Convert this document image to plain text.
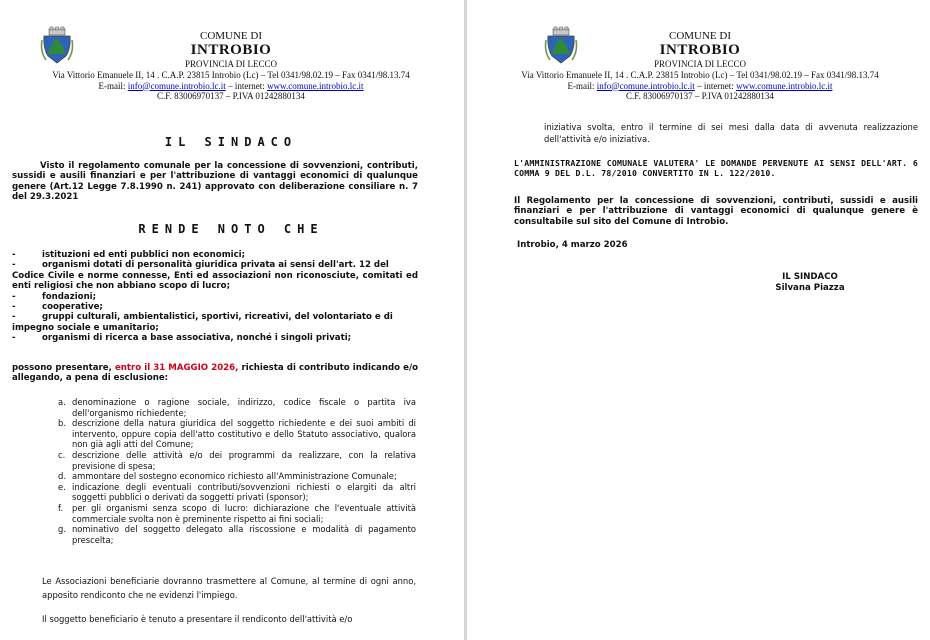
COMUNE DI
INTROBIO
PROVINCIA DI LECCO
Via Vittorio Emanuele II, 14 . C.A.P. 23815 Introbio (Lc) – Tel 0341/98.02.19 – Fax 0341/98.13.74
E-mail: info@comune.introbio.lc.it – internet: www.comune.introbio.lc.it
C.F. 83006970137 – P.IVA 01242880134
IL SINDACO
Visto il regolamento comunale per la concessione di sovvenzioni, contributi, sussidi e ausili finanziari e per l'attribuzione di vantaggi economici di qualunque genere (Art.12 Legge 7.8.1990 n. 241) approvato con deliberazione consiliare n. 7 del 29.3.2021
RENDE NOTO CHE
- istituzioni ed enti pubblici non economici;
- organismi dotati di personalità giuridica privata ai sensi dell'art. 12 del
Codice Civile e norme connesse, Enti ed associazioni non riconosciute, comitati ed enti religiosi che non abbiano scopo di lucro;
- fondazioni;
- cooperative;
- gruppi culturali, ambientalistici, sportivi, ricreativi, del volontariato e di
impegno sociale e umanitario;
- organismi di ricerca a base associativa, nonché i singoli privati;
possono presentare, entro il 31 MAGGIO 2026, richiesta di contributo indicando e/o allegando, a pena di esclusione:
a. denominazione o ragione sociale, indirizzo, codice fiscale o partita iva dell'organismo richiedente;
b. descrizione della natura giuridica del soggetto richiedente e dei suoi ambiti di intervento, oppure copia dell'atto costitutivo e dello Statuto associativo, qualora non già agli atti del Comune;
c. descrizione delle attività e/o dei programmi da realizzare, con la relativa previsione di spesa;
d. ammontare del sostegno economico richiesto all'Amministrazione Comunale;
e. indicazione degli eventuali contributi/sovvenzioni richiesti o elargiti da altri soggetti pubblici o derivati da soggetti privati (sponsor);
f. per gli organismi senza scopo di lucro: dichiarazione che l'eventuale attività commerciale svolta non è preminente rispetto ai fini sociali;
g. nominativo del soggetto delegato alla riscossione e modalità di pagamento prescelta;
Le Associazioni beneficiarie dovranno trasmettere al Comune, al termine di ogni anno, apposito rendiconto che ne evidenzi l'impiego.
Il soggetto beneficiario è tenuto a presentare il rendiconto dell'attività e/o
COMUNE DI
INTROBIO
PROVINCIA DI LECCO
Via Vittorio Emanuele II, 14 . C.A.P. 23815 Introbio (Lc) – Tel 0341/98.02.19 – Fax 0341/98.13.74
E-mail: info@comune.introbio.lc.it – internet: www.comune.introbio.lc.it
C.F. 83006970137 – P.IVA 01242880134
iniziativa svolta, entro il termine di sei mesi dalla data di avvenuta realizzazione dell'attività e/o iniziativa.
L'AMMINISTRAZIONE COMUNALE VALUTERA' LE DOMANDE PERVENUTE AI SENSI DELL'ART. 6 COMMA 9 DEL D.L. 78/2010 CONVERTITO IN L. 122/2010.
Il Regolamento per la concessione di sovvenzioni, contributi, sussidi e ausili finanziari e per l'attribuzione di vantaggi economici di qualunque genere è consultabile sul sito del Comune di Introbio.
Introbio, 4 marzo 2026
IL SINDACO
Silvana Piazza
